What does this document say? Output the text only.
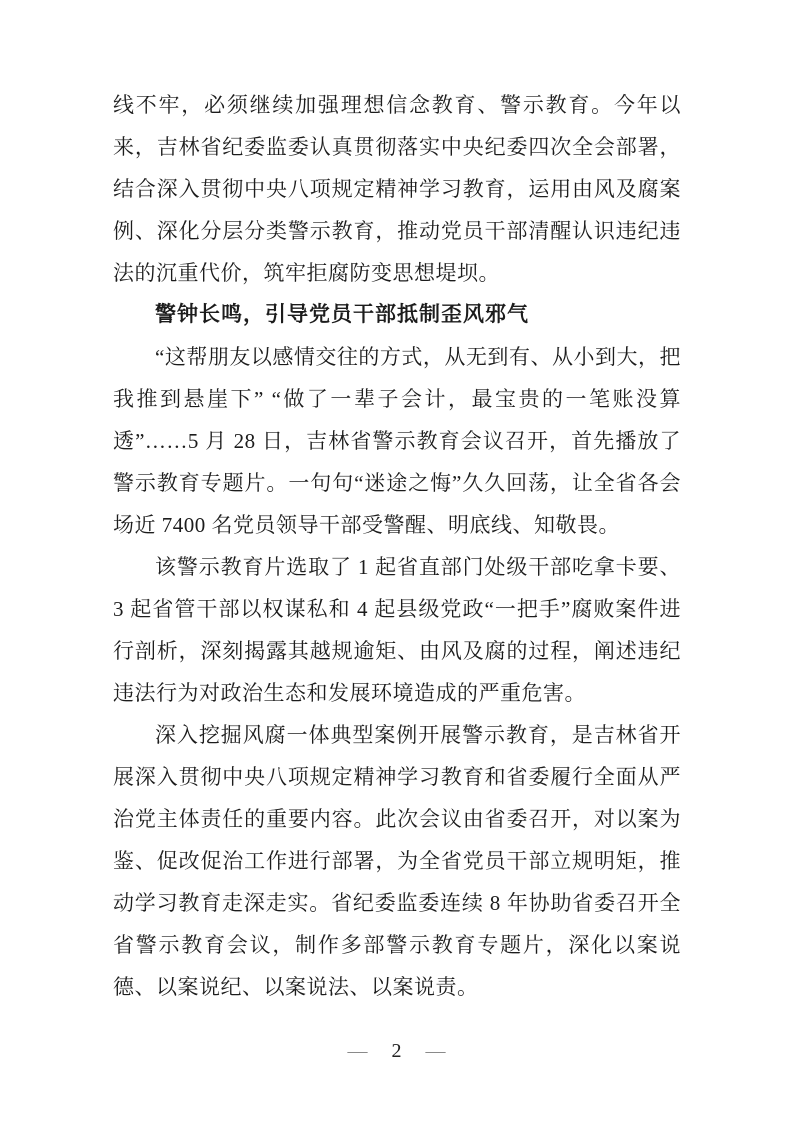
线不牢，必须继续加强理想信念教育、警示教育。今年以来，吉林省纪委监委认真贯彻落实中央纪委四次全会部署，结合深入贯彻中央八项规定精神学习教育，运用由风及腐案例、深化分层分类警示教育，推动党员干部清醒认识违纪违法的沉重代价，筑牢拒腐防变思想堤坝。

警钟长鸣，引导党员干部抵制歪风邪气

“这帮朋友以感情交往的方式，从无到有、从小到大，把我推到悬崖下” “做了一辈子会计，最宝贵的一笔账没算透”……5 月 28 日，吉林省警示教育会议召开，首先播放了警示教育专题片。一句句“迷途之悔”久久回荡，让全省各会场近 7400 名党员领导干部受警醒、明底线、知敬畏。

该警示教育片选取了 1 起省直部门处级干部吃拿卡要、3 起省管干部以权谋私和 4 起县级党政“一把手”腐败案件进行剖析，深刻揭露其越规逾矩、由风及腐的过程，阐述违纪违法行为对政治生态和发展环境造成的严重危害。

深入挖掘风腐一体典型案例开展警示教育，是吉林省开展深入贯彻中央八项规定精神学习教育和省委履行全面从严治党主体责任的重要内容。此次会议由省委召开，对以案为鉴、促改促治工作进行部署，为全省党员干部立规明矩，推动学习教育走深走实。省纪委监委连续 8 年协助省委召开全省警示教育会议，制作多部警示教育专题片，深化以案说德、以案说纪、以案说法、以案说责。

— 2 —
